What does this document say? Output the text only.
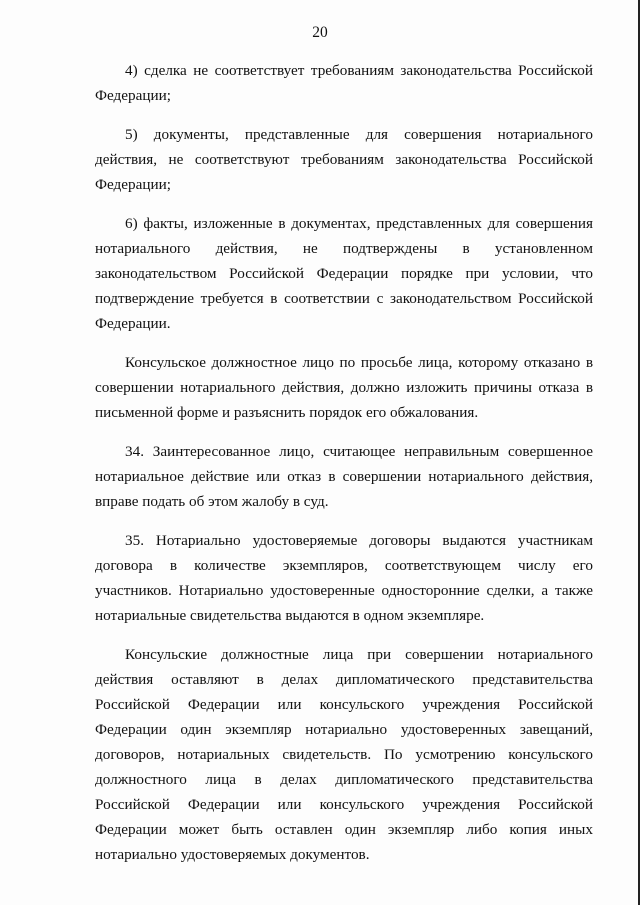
20

4) сделка не соответствует требованиям законодательства Российской Федерации;

5) документы, представленные для совершения нотариального действия, не соответствуют требованиям законодательства Российской Федерации;

6) факты, изложенные в документах, представленных для совершения нотариального действия, не подтверждены в установленном законодательством Российской Федерации порядке при условии, что подтверждение требуется в соответствии с законодательством Российской Федерации.

Консульское должностное лицо по просьбе лица, которому отказано в совершении нотариального действия, должно изложить причины отказа в письменной форме и разъяснить порядок его обжалования.

34. Заинтересованное лицо, считающее неправильным совершенное нотариальное действие или отказ в совершении нотариального действия, вправе подать об этом жалобу в суд.

35. Нотариально удостоверяемые договоры выдаются участникам договора в количестве экземпляров, соответствующем числу его участников. Нотариально удостоверенные односторонние сделки, а также нотариальные свидетельства выдаются в одном экземпляре.

Консульские должностные лица при совершении нотариального действия оставляют в делах дипломатического представительства Российской Федерации или консульского учреждения Российской Федерации один экземпляр нотариально удостоверенных завещаний, договоров, нотариальных свидетельств. По усмотрению консульского должностного лица в делах дипломатического представительства Российской Федерации или консульского учреждения Российской Федерации может быть оставлен один экземпляр либо копия иных нотариально удостоверяемых документов.
